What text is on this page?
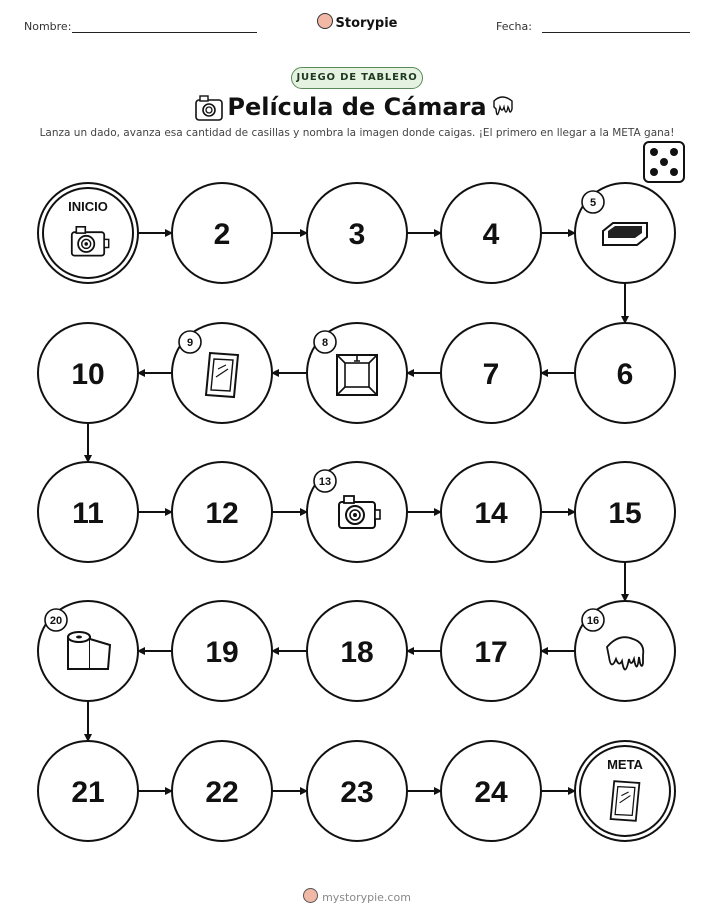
Nombre:	Storypie	Fecha:
JUEGO DE TABLERO
Película de Cámara
Lanza un dado, avanza esa cantidad de casillas y nombra la imagen donde caigas. ¡El primero en llegar a la META gana!
INICIO
2	3	4
5
6
7
8
9
10
11	12
13
14	15
16
17
18
19
20
21	22	23	24
META
mystorypie.com
